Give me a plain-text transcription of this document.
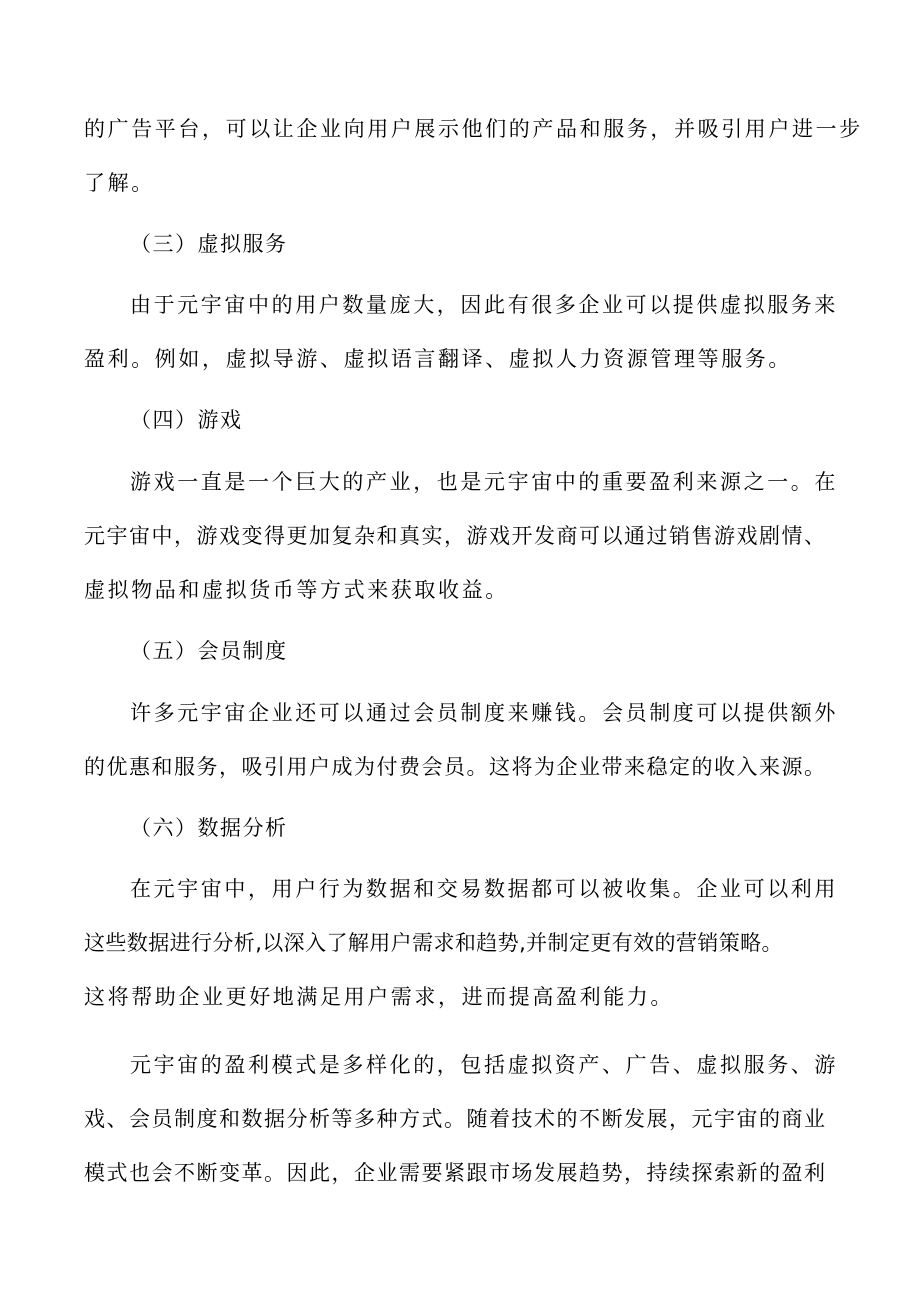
的广告平台，可以让企业向用户展示他们的产品和服务，并吸引用户进一步

了解。

（三）虚拟服务

由于元宇宙中的用户数量庞大，因此有很多企业可以提供虚拟服务来

盈利。例如，虚拟导游、虚拟语言翻译、虚拟人力资源管理等服务。

（四）游戏

游戏一直是一个巨大的产业，也是元宇宙中的重要盈利来源之一。在

元宇宙中，游戏变得更加复杂和真实，游戏开发商可以通过销售游戏剧情、

虚拟物品和虚拟货币等方式来获取收益。

（五）会员制度

许多元宇宙企业还可以通过会员制度来赚钱。会员制度可以提供额外

的优惠和服务，吸引用户成为付费会员。这将为企业带来稳定的收入来源。

（六）数据分析

在元宇宙中，用户行为数据和交易数据都可以被收集。企业可以利用

这些数据进行分析,以深入了解用户需求和趋势,并制定更有效的营销策略。

这将帮助企业更好地满足用户需求，进而提高盈利能力。

元宇宙的盈利模式是多样化的，包括虚拟资产、广告、虚拟服务、游

戏、会员制度和数据分析等多种方式。随着技术的不断发展，元宇宙的商业

模式也会不断变革。因此，企业需要紧跟市场发展趋势，持续探索新的盈利
